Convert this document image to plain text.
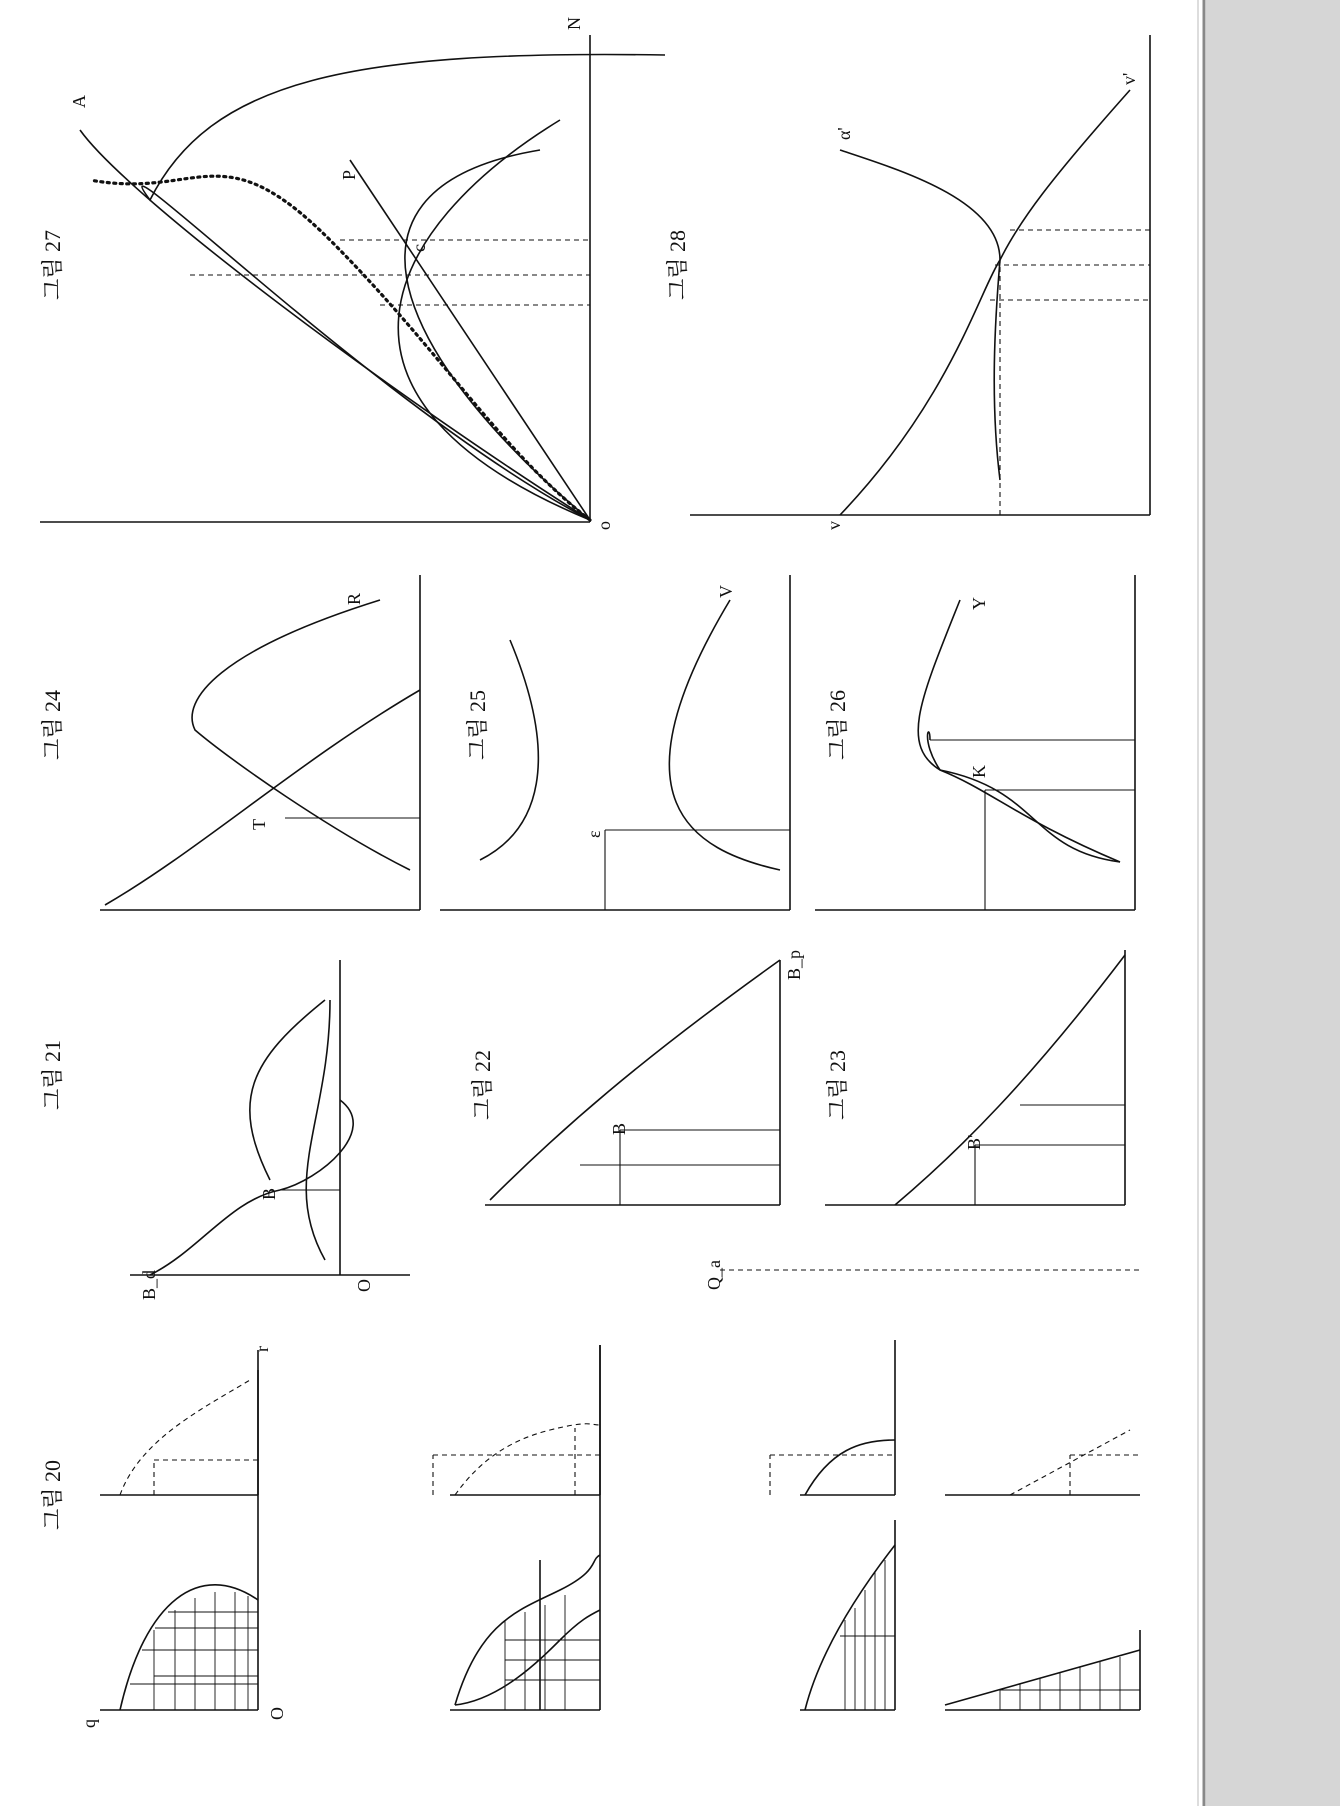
그림 20
그림 21	그림 22	그림 23
그림 24	그림 25	그림 26
그림 27	그림 28
O
q
r
B_d	O
B
B
B_p
B'
T
R
ε
V
K
Y
N
A
P
c
o
α'
v'
v
Q_a
